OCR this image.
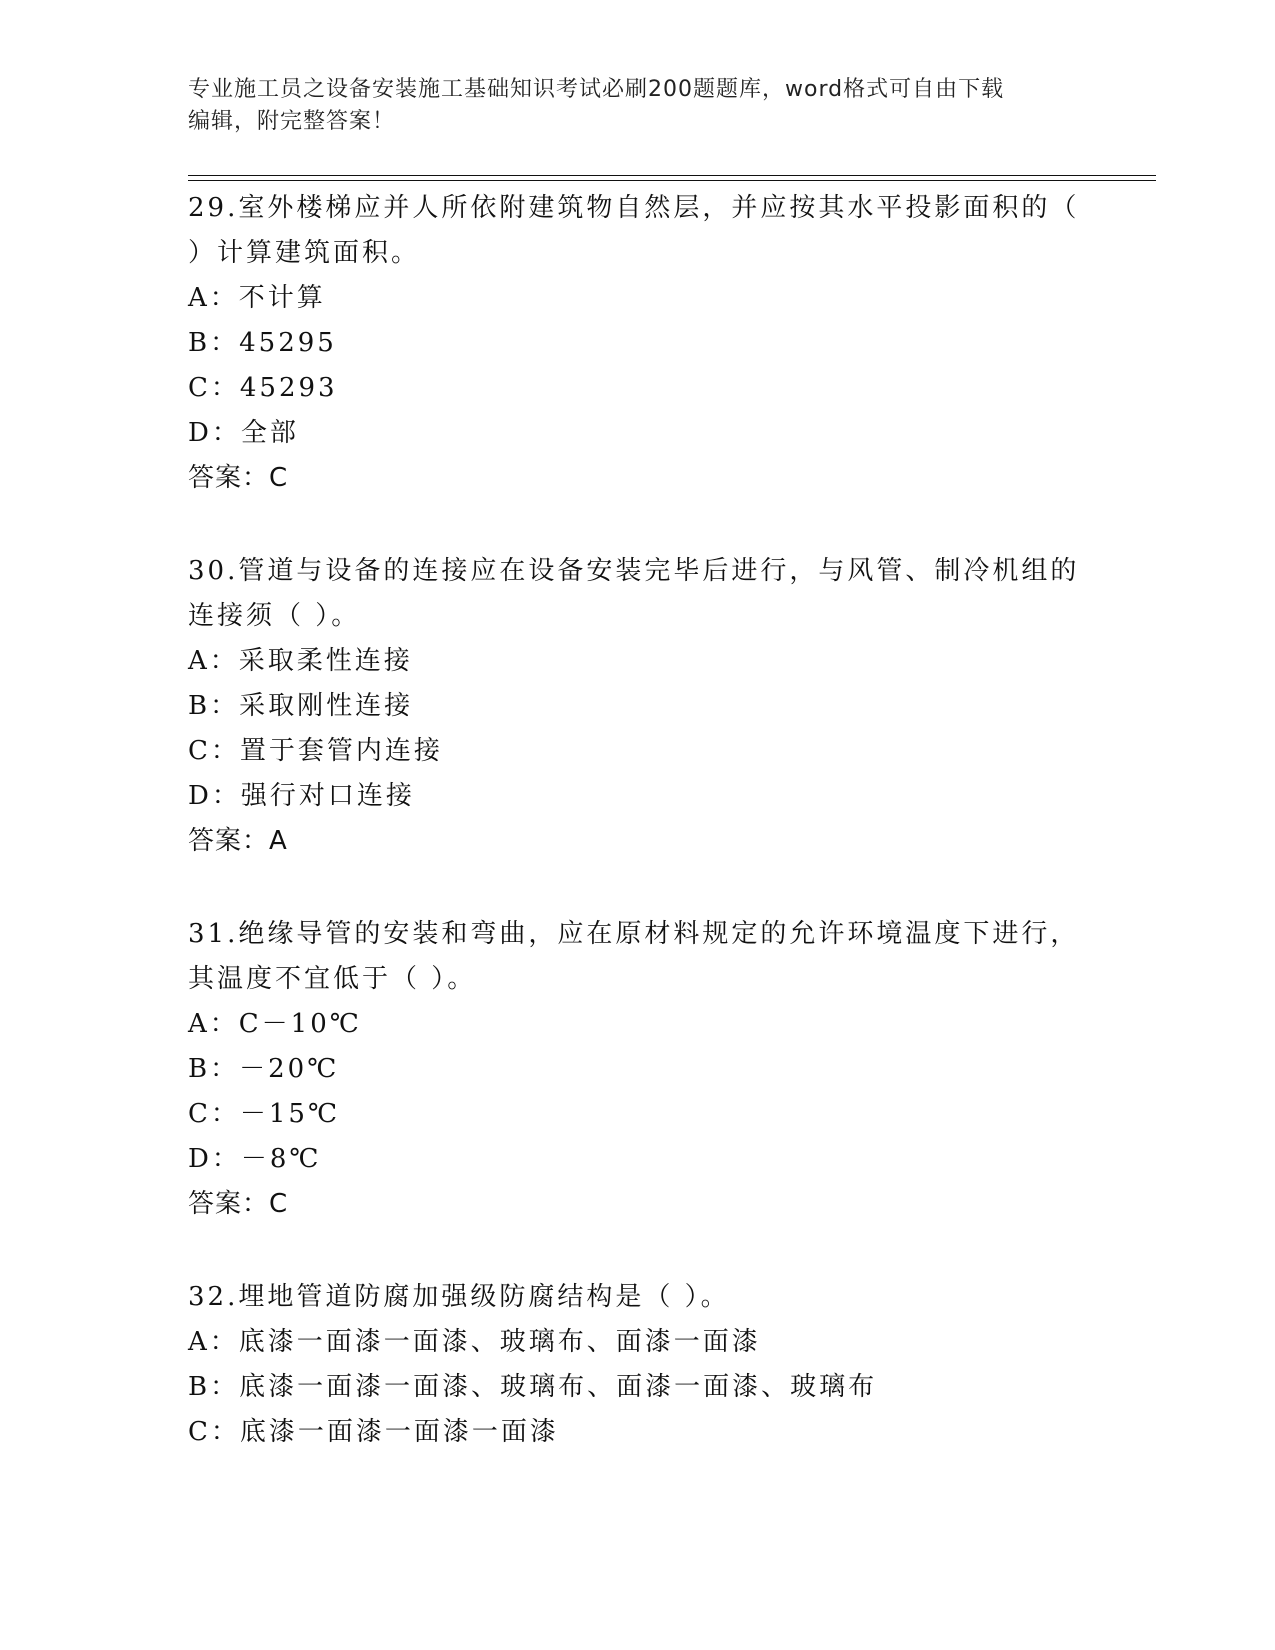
专业施工员之设备安装施工基础知识考试必刷200题题库，word格式可自由下载
编辑，附完整答案！

29.室外楼梯应并人所依附建筑物自然层，并应按其水平投影面积的（

）计算建筑面积。

A：不计算

B：45295

C：45293

D：全部

答案：C

30.管道与设备的连接应在设备安装完毕后进行，与风管、制冷机组的

连接须（ ）。

A：采取柔性连接

B：采取刚性连接

C：置于套管内连接

D：强行对口连接

答案：A

31.绝缘导管的安装和弯曲，应在原材料规定的允许环境温度下进行，

其温度不宜低于（ ）。

A：C－10℃

B：－20℃

C：－15℃

D：－8℃

答案：C

32.埋地管道防腐加强级防腐结构是（ ）。

A：底漆一面漆一面漆、玻璃布、面漆一面漆

B：底漆一面漆一面漆、玻璃布、面漆一面漆、玻璃布

C：底漆一面漆一面漆一面漆
